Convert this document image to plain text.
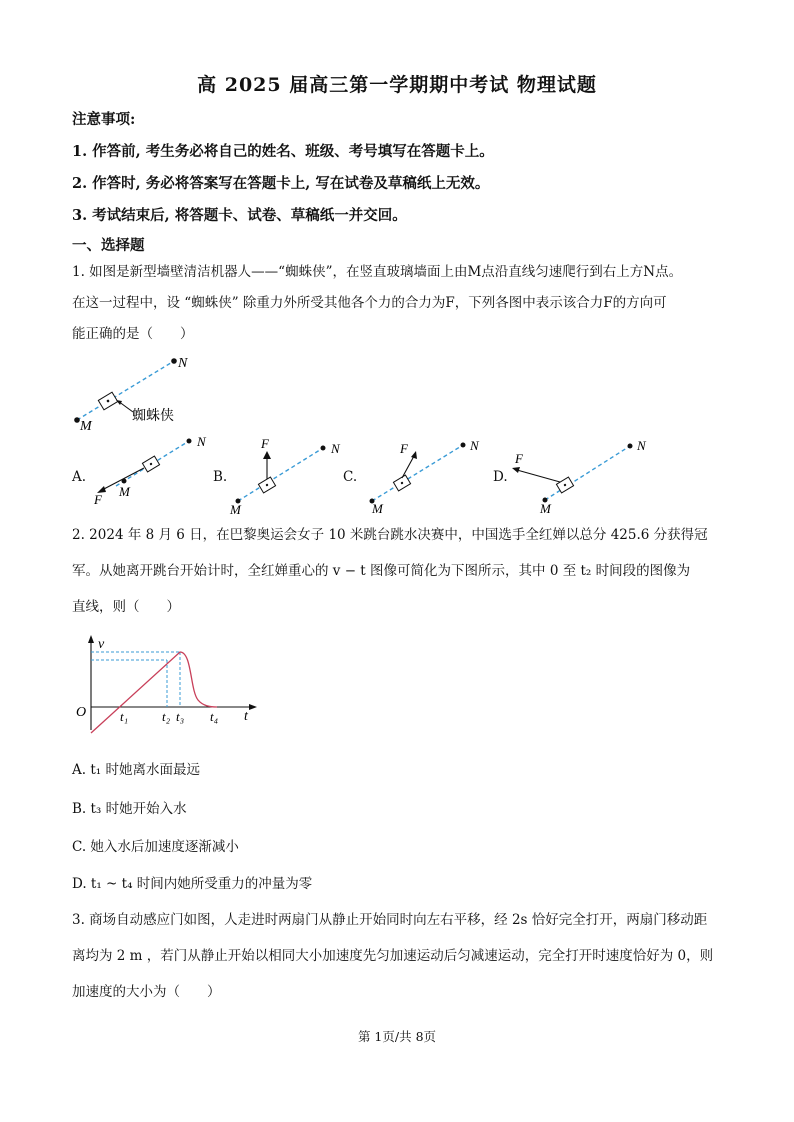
高 2025 届高三第一学期期中考试 物理试题
注意事项:
1. 作答前, 考生务必将自己的姓名、班级、考号填写在答题卡上。
2. 作答时, 务必将答案写在答题卡上, 写在试卷及草稿纸上无效。
3. 考试结束后, 将答题卡、试卷、草稿纸一并交回。
一、选择题
1. 如图是新型墙壁清洁机器人——“蜘蛛侠”，在竖直玻璃墙面上由M点沿直线匀速爬行到右上方N点。
在这一过程中，设 “蜘蛛侠” 除重力外所受其他各个力的合力为F，下列各图中表示该合力F的方向可
能正确的是（　　）
M
N
蜘蛛侠
A.
N
M
F
B.
N
M
F
C.
N
M
F
D.
N
M
F
2. 2024 年 8 月 6 日，在巴黎奥运会女子 10 米跳台跳水决赛中，中国选手全红婵以总分 425.6 分获得冠
军。从她离开跳台开始计时，全红婵重心的 v − t 图像可简化为下图所示，其中 0 至 t₂ 时间段的图像为
直线，则（　　）
v
t
O	t₁	t₂ t₃ t₄
A. t₁ 时她离水面最远
B. t₃ 时她开始入水
C. 她入水后加速度逐渐减小
D. t₁ ~ t₄ 时间内她所受重力的冲量为零
3. 商场自动感应门如图，人走进时两扇门从静止开始同时向左右平移，经 2s 恰好完全打开，两扇门移动距
离均为 2 m ，若门从静止开始以相同大小加速度先匀加速运动后匀减速运动，完全打开时速度恰好为 0，则
加速度的大小为（　　）
第 1页/共 8页
